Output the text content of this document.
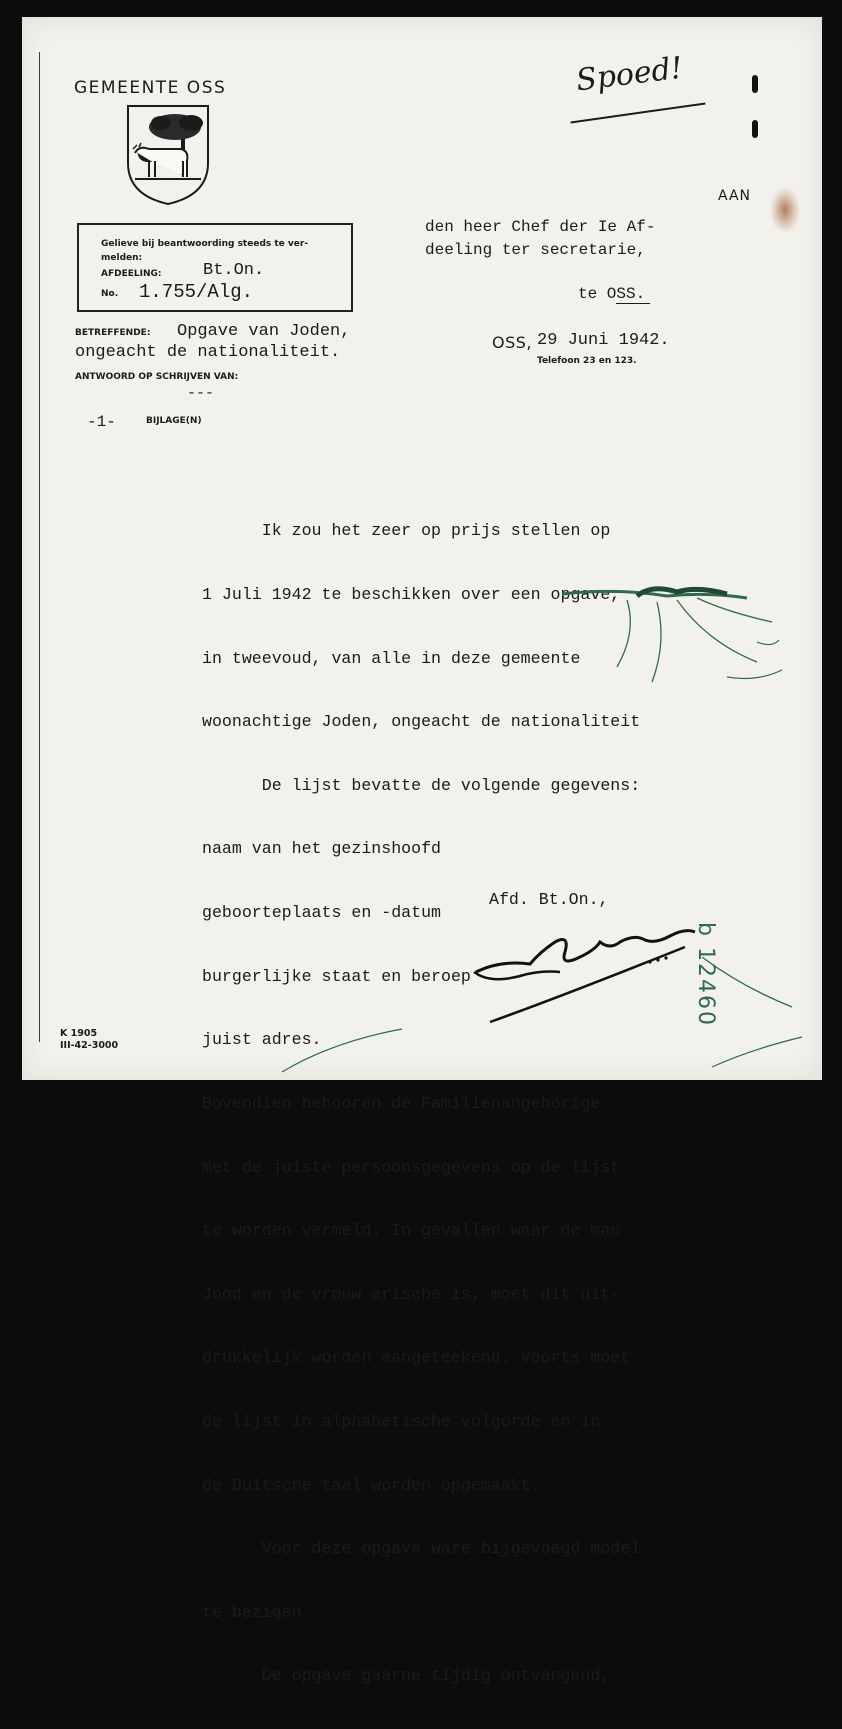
GEMEENTE OSS	Spoed!
AAN
den heer Chef der Ie Af-
deeling ter secretarie,
te OSS.
Gelieve bij beantwoording steeds te ver-
melden:
AFDEELING: Bt.On.
No. 1.755/Alg.
OSS, 29 Juni 1942.
Telefoon 23 en 123.
BETREFFENDE: Opgave van Joden,
ongeacht de nationaliteit.
ANTWOORD OP SCHRIJVEN VAN:
---
-1-	BIJLAGE(N)

Ik zou het zeer op prijs stellen op

1 Juli 1942 te beschikken over een opgave,

in tweevoud, van alle in deze gemeente

woonachtige Joden, ongeacht de nationaliteit

De lijst bevatte de volgende gegevens:

naam van het gezinshoofd

geboorteplaats en -datum

burgerlijke staat en beroep

juist adres.

Bovendien behooren de Familienangehörige

met de juiste persoonsgegevens op de lijst

te worden vermeld. In gevallen waar de man

Jood en de vrouw arische is, moet dit uit-

drukkelijk worden aangeteekend. Voorts moet

de lijst in alphabetische volgorde en in

de Duitsche taal worden opgemaakt.

Voor deze opgave ware bijgevoegd model

te bezigen.

De opgave gaarne tijdig ontvangend,

Afd. Bt.On.,
b 12460
K 1905
III-42-3000
